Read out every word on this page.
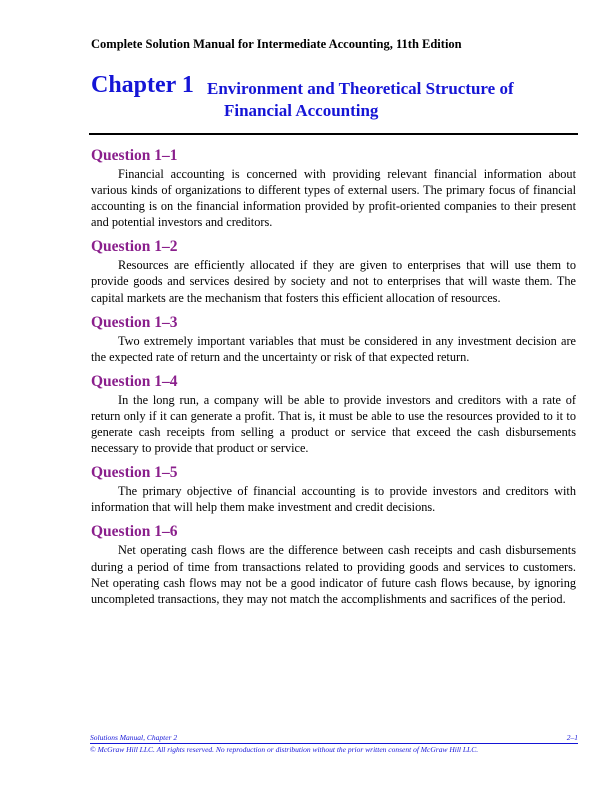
Complete Solution Manual for Intermediate Accounting, 11th Edition
Chapter 1 Environment and Theoretical Structure of
Financial Accounting
Question 1–1

Financial accounting is concerned with providing relevant financial information about various kinds of organizations to different types of external users. The primary focus of financial accounting is on the financial information provided by profit-oriented companies to their present and potential investors and creditors.

Question 1–2

Resources are efficiently allocated if they are given to enterprises that will use them to provide goods and services desired by society and not to enterprises that will waste them. The capital markets are the mechanism that fosters this efficient allocation of resources.

Question 1–3

Two extremely important variables that must be considered in any investment decision are the expected rate of return and the uncertainty or risk of that expected return.

Question 1–4

In the long run, a company will be able to provide investors and creditors with a rate of return only if it can generate a profit. That is, it must be able to use the resources provided to it to generate cash receipts from selling a product or service that exceed the cash disbursements necessary to provide that product or service.

Question 1–5

The primary objective of financial accounting is to provide investors and creditors with information that will help them make investment and credit decisions.

Question 1–6

Net operating cash flows are the difference between cash receipts and cash disbursements during a period of time from transactions related to providing goods and services to customers. Net operating cash flows may not be a good indicator of future cash flows because, by ignoring uncompleted transactions, they may not match the accomplishments and sacrifices of the period.

Solutions Manual, Chapter 2	2–1
© McGraw Hill LLC. All rights reserved. No reproduction or distribution without the prior written consent of McGraw Hill LLC.
